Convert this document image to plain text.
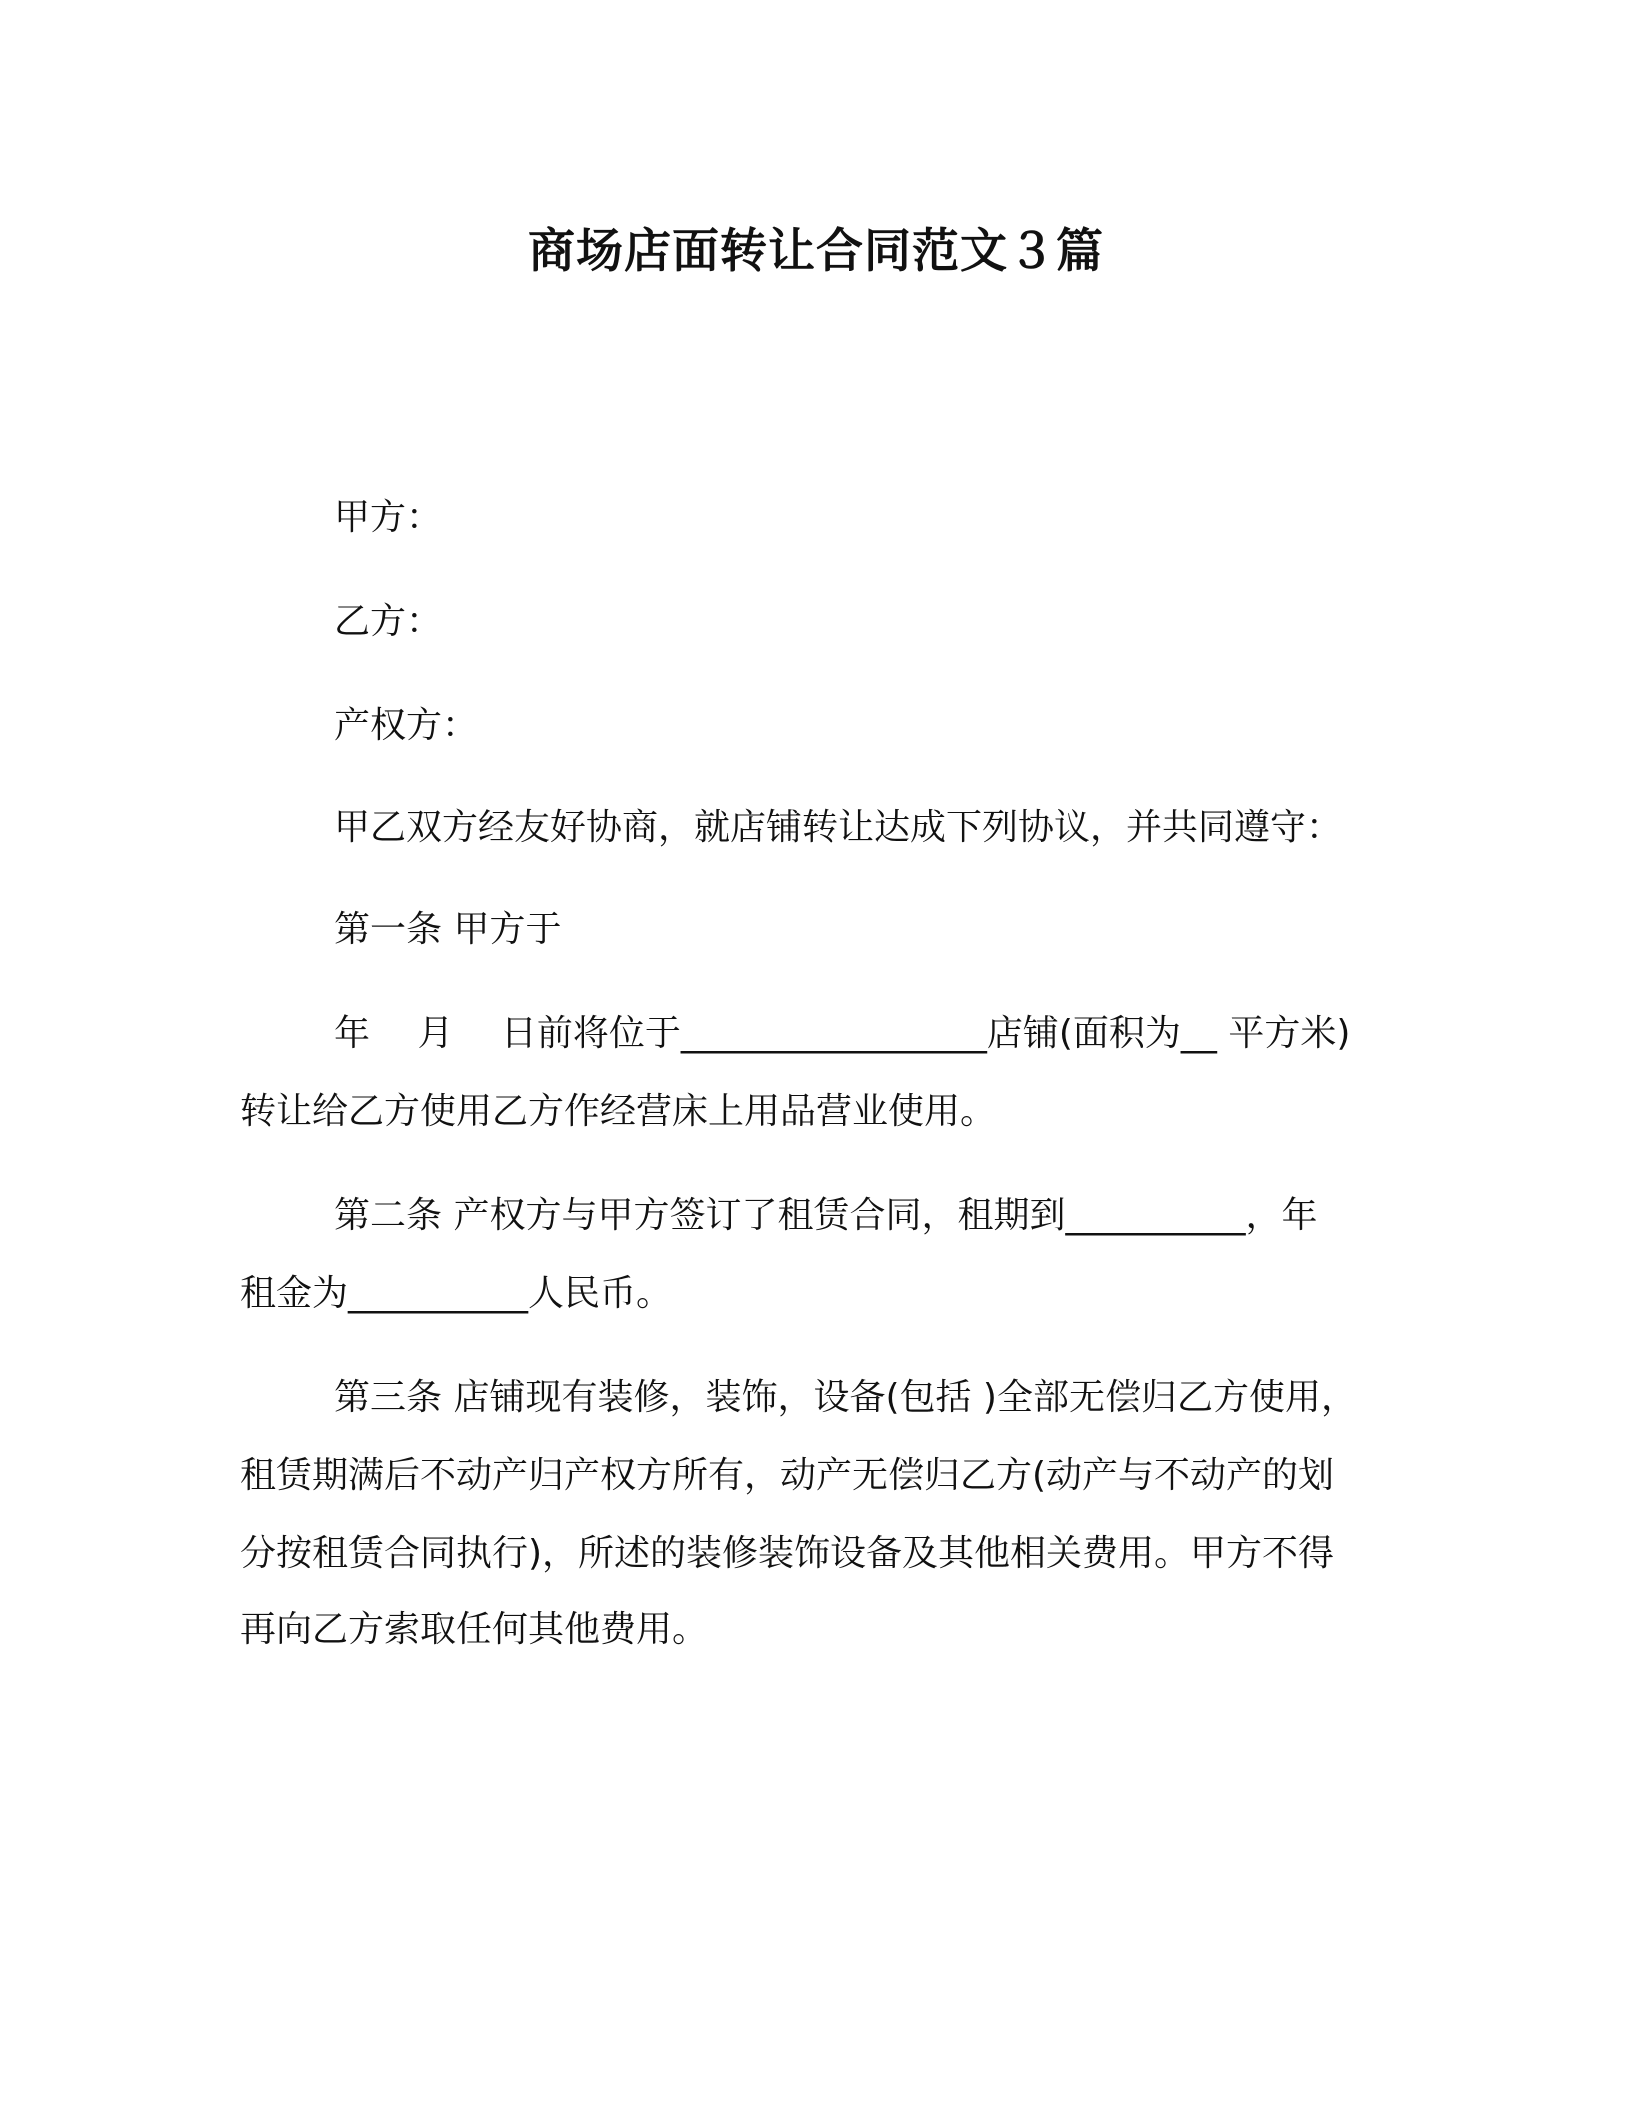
商场店面转让合同范文３篇
甲方：
乙方：
产权方：
甲乙双方经友好协商，就店铺转让达成下列协议，并共同遵守：
第一条 甲方于
年 　月 　日前将位于_________________店铺(面积为__ 平方米)
转让给乙方使用乙方作经营床上用品营业使用。
第二条 产权方与甲方签订了租赁合同，租期到__________，年
租金为__________人民币。
第三条 店铺现有装修，装饰，设备(包括 )全部无偿归乙方使用，
租赁期满后不动产归产权方所有，动产无偿归乙方(动产与不动产的划
分按租赁合同执行)，所述的装修装饰设备及其他相关费用。甲方不得
再向乙方索取任何其他费用。
